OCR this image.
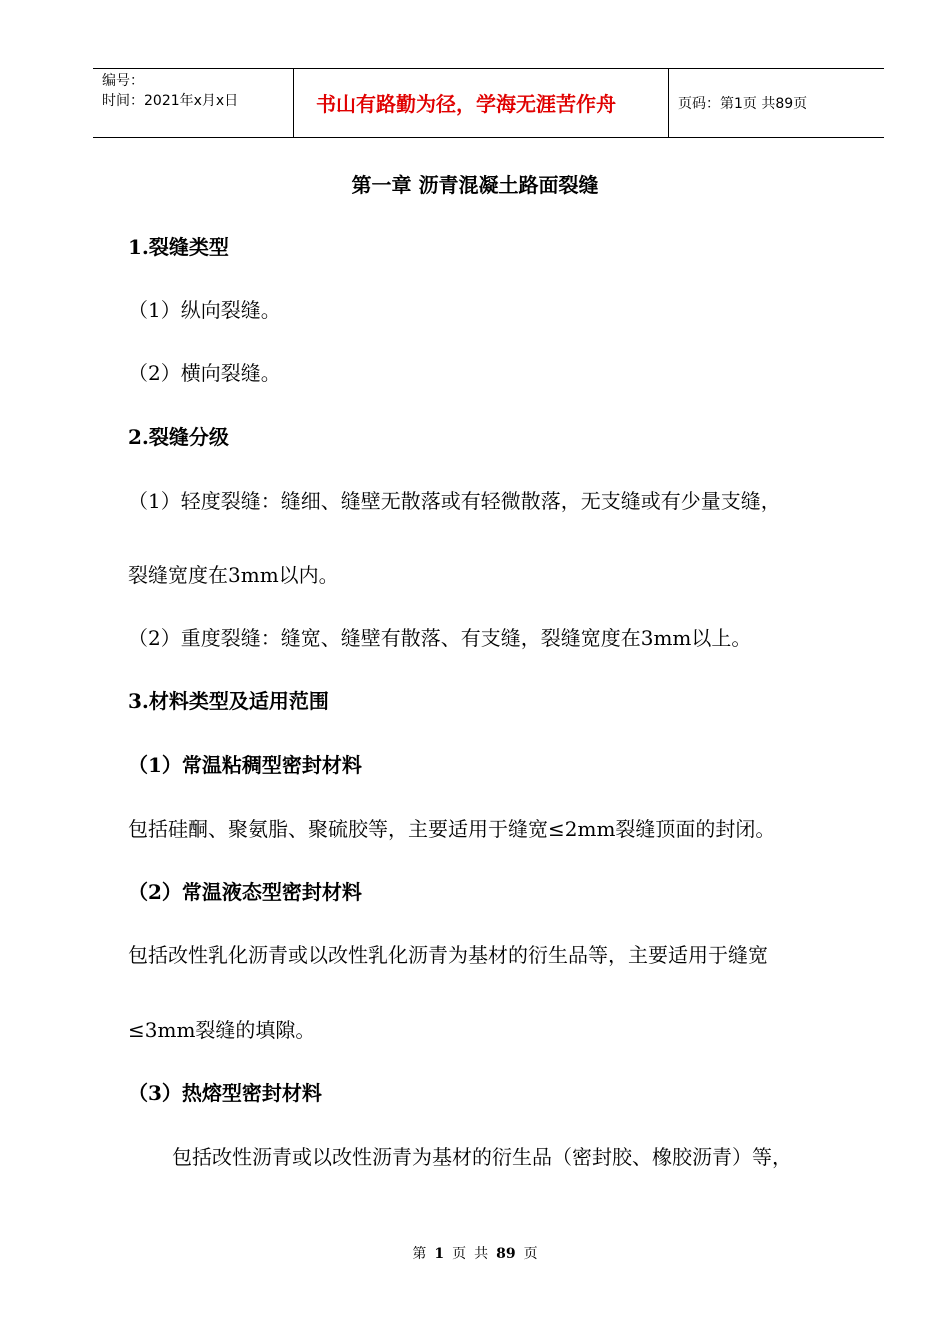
编号：
时间：2021年x月x日	书山有路勤为径，学海无涯苦作舟	页码：第1页 共89页
第一章 沥青混凝土路面裂缝
1.裂缝类型
（1）纵向裂缝。
（2）横向裂缝。
2.裂缝分级
（1）轻度裂缝：缝细、缝壁无散落或有轻微散落，无支缝或有少量支缝，
裂缝宽度在3mm以内。
（2）重度裂缝：缝宽、缝壁有散落、有支缝，裂缝宽度在3mm以上。
3.材料类型及适用范围
（1）常温粘稠型密封材料
包括硅酮、聚氨脂、聚硫胶等，主要适用于缝宽≤2mm裂缝顶面的封闭。
（2）常温液态型密封材料
包括改性乳化沥青或以改性乳化沥青为基材的衍生品等，主要适用于缝宽
≤3mm裂缝的填隙。
（3）热熔型密封材料
包括改性沥青或以改性沥青为基材的衍生品（密封胶、橡胶沥青）等，
第 1 页 共 89 页
